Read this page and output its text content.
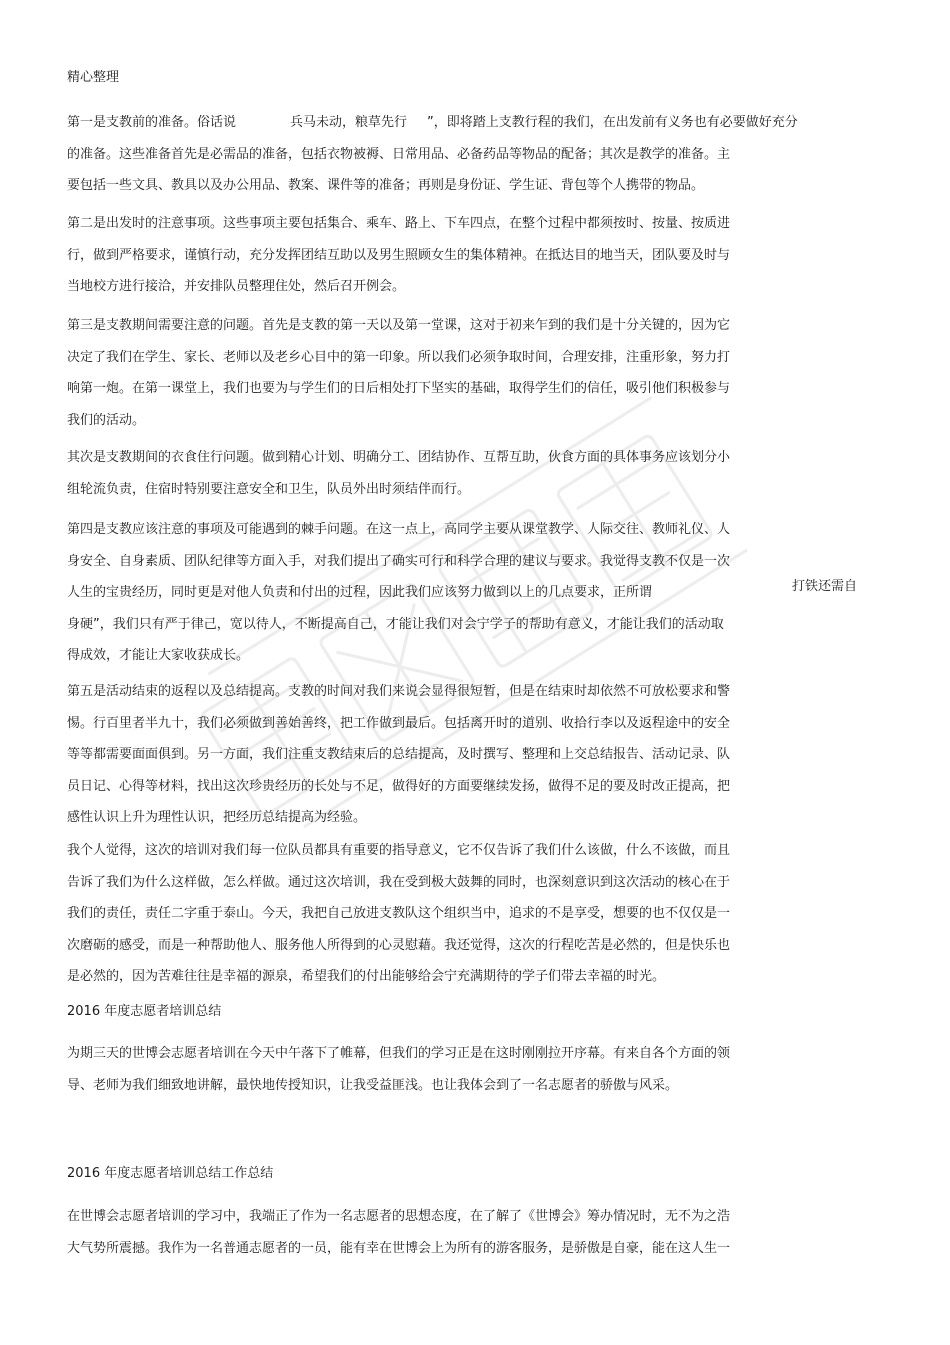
精心整理
第一是支教前的准备。俗话说	兵马未动，粮草先行 ”，即将踏上支教行程的我们，在出发前有义务也有必要做好充分
的准备。这些准备首先是必需品的准备，包括衣物被褥、日常用品、必备药品等物品的配备；其次是教学的准备。主
要包括一些文具、教具以及办公用品、教案、课件等的准备；再则是身份证、学生证、背包等个人携带的物品。
第二是出发时的注意事项。这些事项主要包括集合、乘车、路上、下车四点，在整个过程中都须按时、按量、按质进
行，做到严格要求，谨慎行动，充分发挥团结互助以及男生照顾女生的集体精神。在抵达目的地当天，团队要及时与
当地校方进行接洽，并安排队员整理住处，然后召开例会。
第三是支教期间需要注意的问题。首先是支教的第一天以及第一堂课，这对于初来乍到的我们是十分关键的，因为它
决定了我们在学生、家长、老师以及老乡心目中的第一印象。所以我们必须争取时间，合理安排，注重形象，努力打
响第一炮。在第一课堂上，我们也要为与学生们的日后相处打下坚实的基础，取得学生们的信任，吸引他们积极参与
我们的活动。
其次是支教期间的衣食住行问题。做到精心计划、明确分工、团结协作、互帮互助，伙食方面的具体事务应该划分小
组轮流负责，住宿时特别要注意安全和卫生，队员外出时须结伴而行。
第四是支教应该注意的事项及可能遇到的棘手问题。在这一点上，高同学主要从课堂教学、人际交往、教师礼仪、人
身安全、自身素质、团队纪律等方面入手，对我们提出了确实可行和科学合理的建议与要求。我觉得支教不仅是一次
人生的宝贵经历，同时更是对他人负责和付出的过程，因此我们应该努力做到以上的几点要求，正所谓
身硬”，我们只有严于律己，宽以待人，不断提高自己，才能让我们对会宁学子的帮助有意义，才能让我们的活动取
得成效，才能让大家收获成长。
打铁还需自
第五是活动结束的返程以及总结提高。支教的时间对我们来说会显得很短暂，但是在结束时却依然不可放松要求和警
惕。行百里者半九十，我们必须做到善始善终，把工作做到最后。包括离开时的道别、收拾行李以及返程途中的安全
等等都需要面面俱到。另一方面，我们注重支教结束后的总结提高，及时撰写、整理和上交总结报告、活动记录、队
员日记、心得等材料，找出这次珍贵经历的长处与不足，做得好的方面要继续发扬，做得不足的要及时改正提高，把
感性认识上升为理性认识，把经历总结提高为经验。
我个人觉得，这次的培训对我们每一位队员都具有重要的指导意义，它不仅告诉了我们什么该做，什么不该做，而且
告诉了我们为什么这样做，怎么样做。通过这次培训，我在受到极大鼓舞的同时，也深刻意识到这次活动的核心在于
我们的责任，责任二字重于泰山。今天，我把自己放进支教队这个组织当中，追求的不是享受，想要的也不仅仅是一
次磨砺的感受，而是一种帮助他人、服务他人所得到的心灵慰藉。我还觉得，这次的行程吃苦是必然的，但是快乐也
是必然的，因为苦难往往是幸福的源泉，希望我们的付出能够给会宁充满期待的学子们带去幸福的时光。
2016 年度志愿者培训总结
为期三天的世博会志愿者培训在今天中午落下了帷幕，但我们的学习正是在这时刚刚拉开序幕。有来自各个方面的领
导、老师为我们细致地讲解，最快地传授知识，让我受益匪浅。也让我体会到了一名志愿者的骄傲与风采。
2016 年度志愿者培训总结工作总结
在世博会志愿者培训的学习中，我端正了作为一名志愿者的思想态度，在了解了《世博会》筹办情况时，无不为之浩
大气势所震撼。我作为一名普通志愿者的一员，能有幸在世博会上为所有的游客服务，是骄傲是自豪，能在这人生一
